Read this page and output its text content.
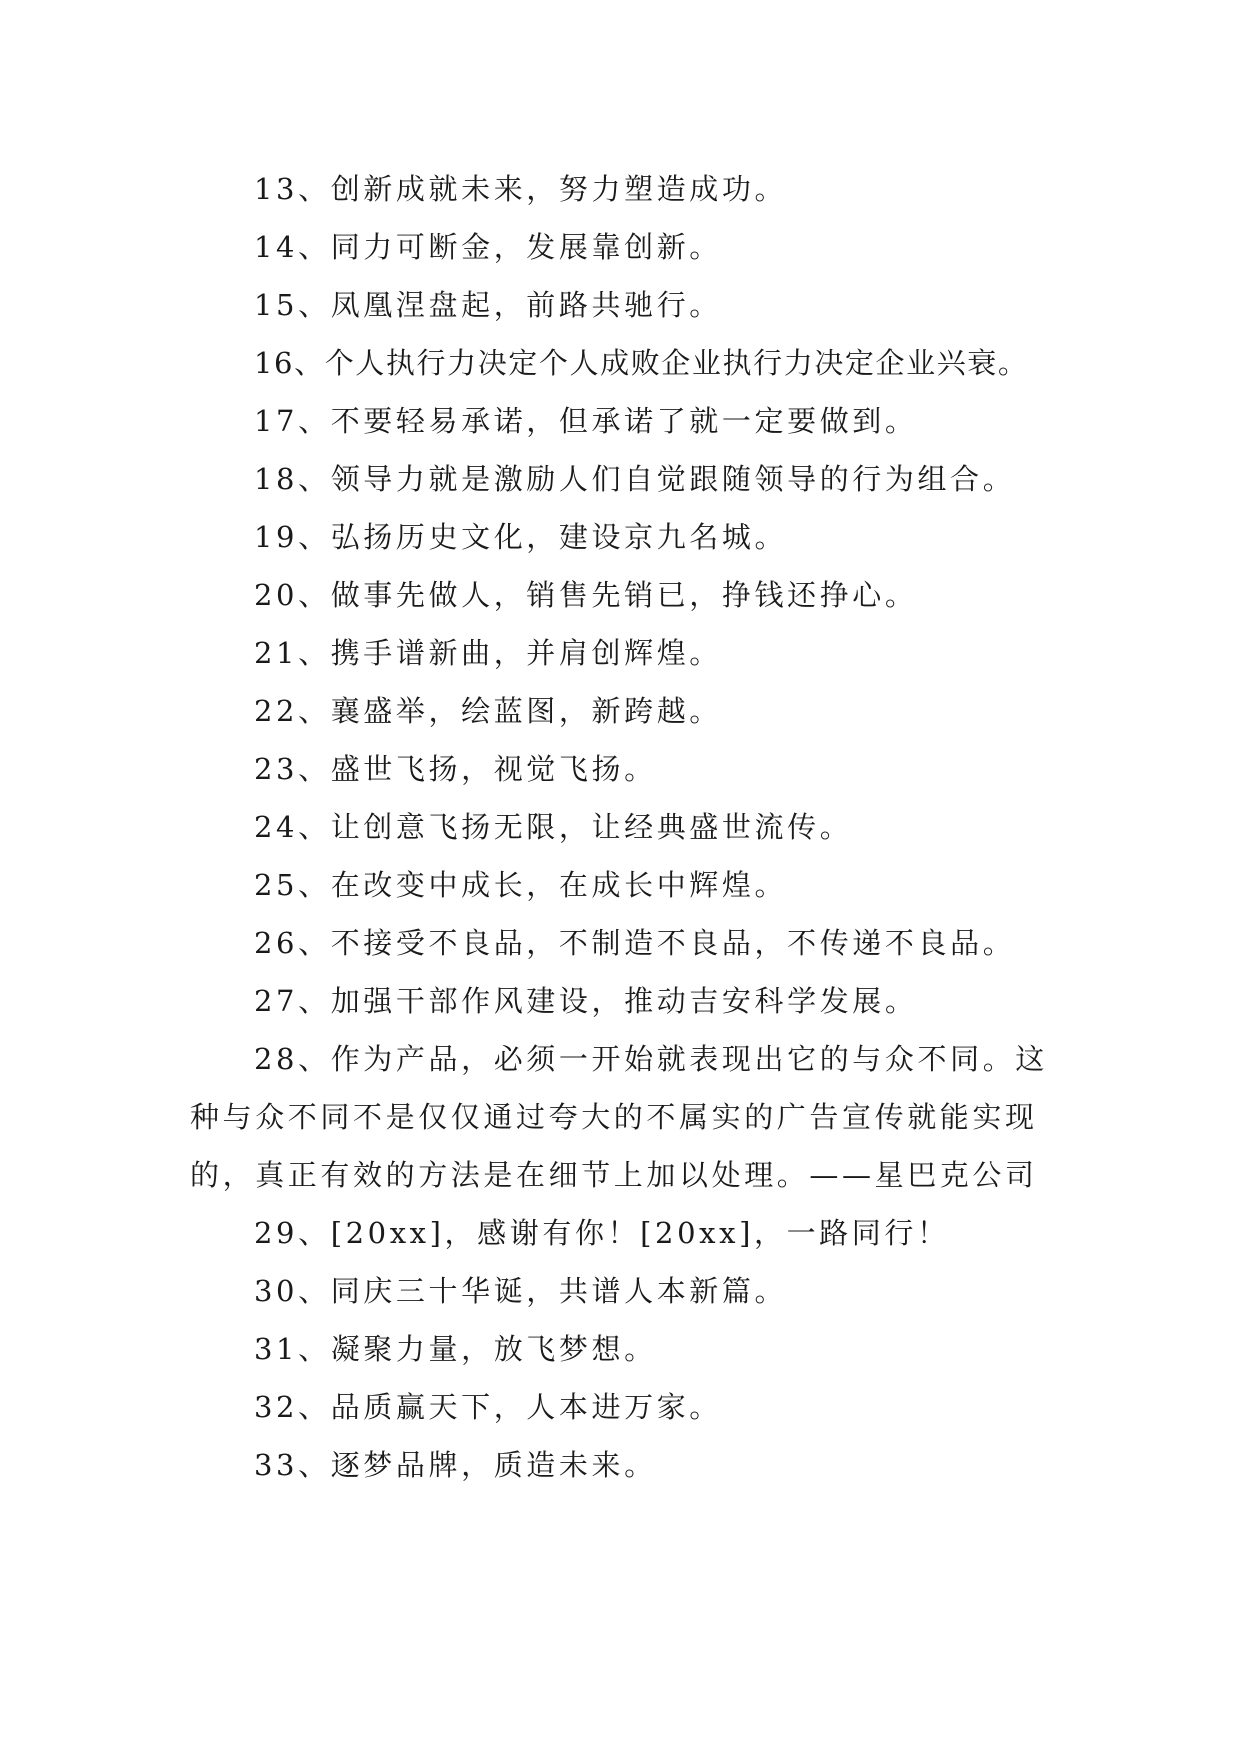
13、创新成就未来，努力塑造成功。

14、同力可断金，发展靠创新。

15、凤凰涅盘起，前路共驰行。

16、个人执行力决定个人成败企业执行力决定企业兴衰。

17、不要轻易承诺，但承诺了就一定要做到。

18、领导力就是激励人们自觉跟随领导的行为组合。

19、弘扬历史文化，建设京九名城。

20、做事先做人，销售先销已，挣钱还挣心。

21、携手谱新曲，并肩创辉煌。

22、襄盛举，绘蓝图，新跨越。

23、盛世飞扬，视觉飞扬。

24、让创意飞扬无限，让经典盛世流传。

25、在改变中成长，在成长中辉煌。

26、不接受不良品，不制造不良品，不传递不良品。

27、加强干部作风建设，推动吉安科学发展。

28、作为产品，必须一开始就表现出它的与众不同。这种与众不同不是仅仅通过夸大的不属实的广告宣传就能实现的，真正有效的方法是在细节上加以处理。——星巴克公司

29、[20xx]，感谢有你！[20xx]，一路同行！

30、同庆三十华诞，共谱人本新篇。

31、凝聚力量，放飞梦想。

32、品质赢天下，人本进万家。

33、逐梦品牌，质造未来。
